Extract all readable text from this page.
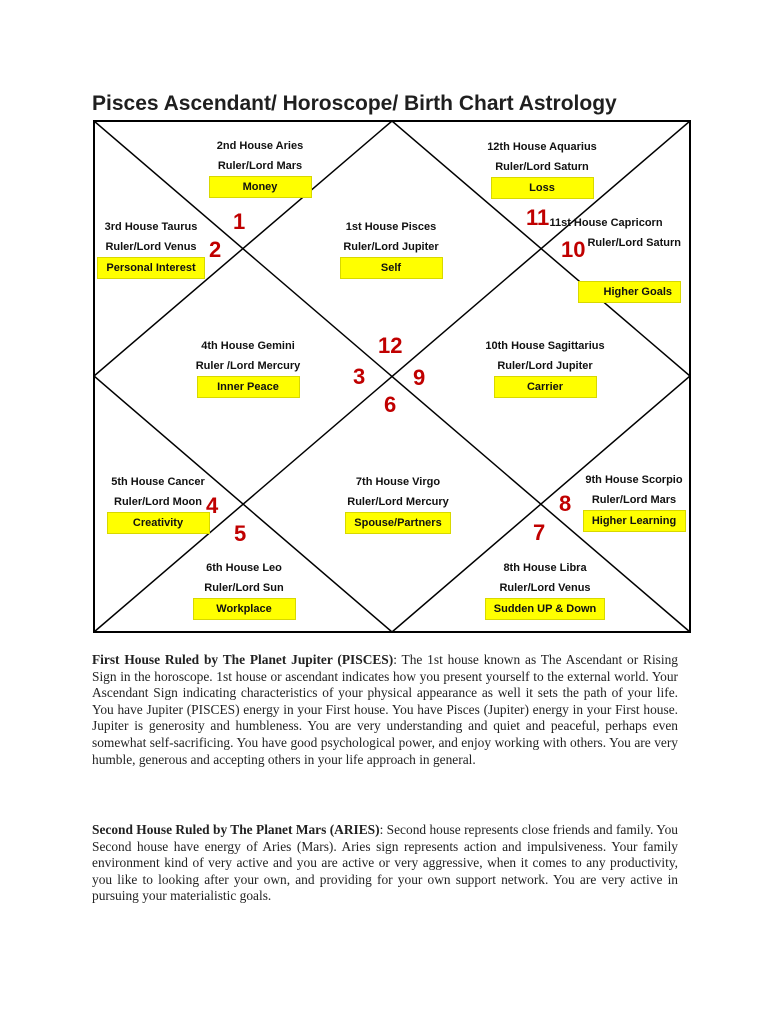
Pisces Ascendant/ Horoscope/ Birth Chart Astrology
2nd House Aries
Ruler/Lord Mars
Money
12th House Aquarius
Ruler/Lord Saturn
Loss
1st House Pisces
Ruler/Lord Jupiter
Self
3rd House Taurus
Ruler/Lord Venus
Personal Interest
11st House Capricorn
Ruler/Lord Saturn
Higher Goals
4th House Gemini
Ruler /Lord Mercury
Inner Peace
10th House Sagittarius
Ruler/Lord Jupiter
Carrier
5th House Cancer
Ruler/Lord Moon
Creativity
7th House Virgo
Ruler/Lord Mercury
Spouse/Partners
9th House Scorpio
Ruler/Lord Mars
Higher Learning
6th House Leo
Ruler/Lord Sun
Workplace
8th House Libra
Ruler/Lord Venus
Sudden UP & Down
1
2
3
4
5
6
7
8
9
10
11
12

First House Ruled by The Planet Jupiter (PISCES): The 1st house known as The Ascendant or Rising Sign in the horoscope. 1st house or ascendant indicates how you present yourself to the external world. Your Ascendant Sign indicating characteristics of your physical appearance as well it sets the path of your life. You have Jupiter (PISCES) energy in your First house. You have Pisces (Jupiter) energy in your First house. Jupiter is generosity and humbleness. You are very understanding and quiet and peaceful, perhaps even somewhat self-sacrificing. You have good psychological power, and enjoy working with others. You are very humble, generous and accepting others in your life approach in general.

Second House Ruled by The Planet Mars (ARIES): Second house represents close friends and family. You Second house have energy of Aries (Mars). Aries sign represents action and impulsiveness. Your family environment kind of very active and you are active or very aggressive, when it comes to any productivity, you like to looking after your own, and providing for your own support network. You are very active in pursuing your materialistic goals.
